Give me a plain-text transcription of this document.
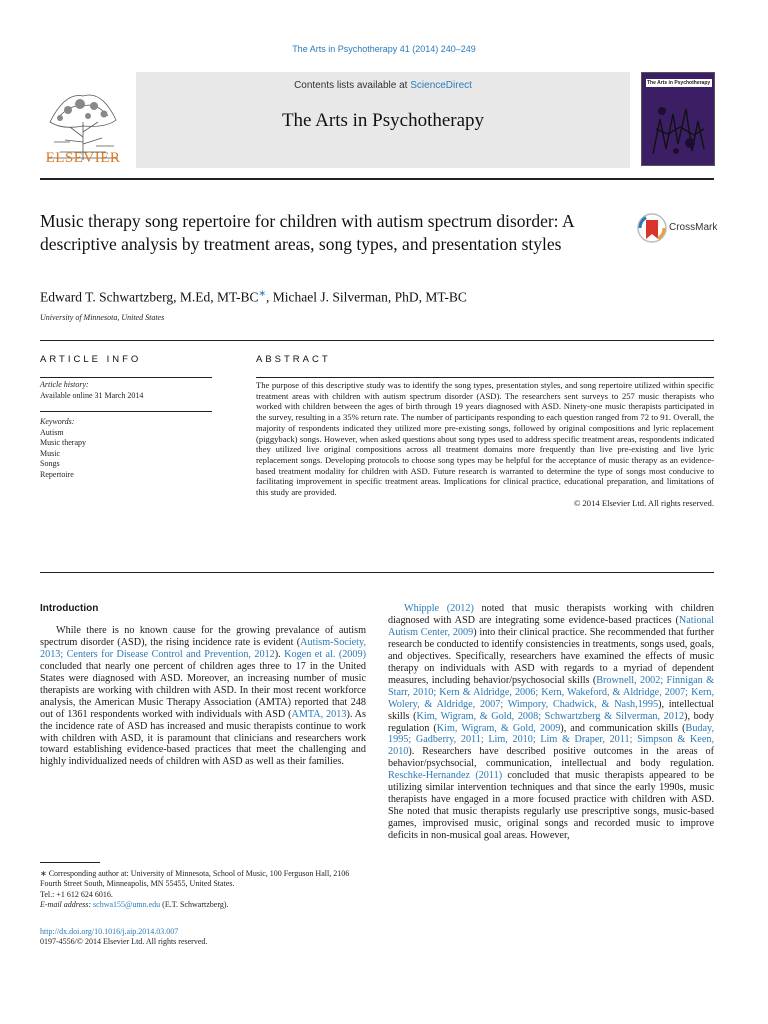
The Arts in Psychotherapy 41 (2014) 240–249
ELSEVIER
Contents lists available at ScienceDirect
The Arts in Psychotherapy
The Arts in Psychotherapy
Music therapy song repertoire for children with autism spectrum disorder: A descriptive analysis by treatment areas, song types, and presentation styles
CrossMark
Edward T. Schwartzberg, M.Ed, MT-BC∗, Michael J. Silverman, PhD, MT-BC
University of Minnesota, United States
ARTICLE INFO
Article history:
Available online 31 March 2014
Keywords:
Autism
Music therapy
Music
Songs
Repertoire
ABSTRACT
The purpose of this descriptive study was to identify the song types, presentation styles, and song repertoire utilized within specific treatment areas with children with autism spectrum disorder (ASD). The researchers sent surveys to 257 music therapists who worked with children between the ages of birth through 19 years diagnosed with ASD. Ninety-one music therapists participated in the survey, resulting in a 35% return rate. The number of participants responding to each question ranged from 72 to 91. Overall, the majority of respondents indicated they utilized more pre-existing songs, followed by original compositions and lyric replacement (piggyback) songs. However, when asked questions about song types used to address specific treatment areas, respondents indicated they utilized live original compositions across all treatment domains more frequently than live pre-existing and live lyric replacement songs. Developing protocols to choose song types may be helpful for the acceptance of music therapy as an evidence-based treatment modality for children with ASD. Future research is warranted to determine the type of songs most conducive to facilitating improvement in specific treatment areas. Implications for clinical practice, educational preparation, and limitations of this study are provided.
© 2014 Elsevier Ltd. All rights reserved.

Introduction

While there is no known cause for the growing prevalance of autism spectrum disorder (ASD), the rising incidence rate is evident (Autism-Society, 2013; Centers for Disease Control and Prevention, 2012). Kogen et al. (2009) concluded that nearly one percent of children ages three to 17 in the United States were diagnosed with ASD. Moreover, an increasing number of music therapists are working with children with ASD. In their most recent workforce analysis, the American Music Therapy Association (AMTA) reported that 248 out of 1361 respondents worked with individuals with ASD (AMTA, 2013). As the incidence rate of ASD has increased and music therapists continue to work with children with ASD, it is paramount that clinicians and researchers work toward establishing evidence-based practices that meet the challenging and highly individualized needs of children with ASD as well as their families.

Whipple (2012) noted that music therapists working with children diagnosed with ASD are integrating some evidence-based practices (National Autism Center, 2009) into their clinical practice. She recommended that further research be conducted to identify consistencies in treatments, songs used, goals, and objectives. Specifically, researchers have examined the effects of music therapy on individuals with ASD with regards to a myriad of dependent measures, including behavior/psychosocial skills (Brownell, 2002; Finnigan & Starr, 2010; Kern & Aldridge, 2006; Kern, Wakeford, & Aldridge, 2007; Kern, Wolery, & Aldridge, 2007; Wimpory, Chadwick, & Nash,1995), intellectual skills (Kim, Wigram, & Gold, 2008; Schwartzberg & Silverman, 2012), body regulation (Kim, Wigram, & Gold, 2009), and communication skills (Buday, 1995; Gadberry, 2011; Lim, 2010; Lim & Draper, 2011; Simpson & Keen, 2010). Researchers have described positive outcomes in the areas of behavior/psychsocial, communication, intellectual and body regulation. Reschke-Hernandez (2011) concluded that music therapists appeared to be utilizing similar intervention techniques and that since the early 1990s, music therapists have engaged in a more focused practice with children with ASD. She noted that music therapists regularly use prescriptive songs, music-based games, improvised music, original songs and recorded music to improve deficits in non-musical goal areas. However,

∗ Corresponding author at: University of Minnesota, School of Music, 100 Ferguson Hall, 2106 Fourth Street South, Minneapolis, MN 55455, United States.
Tel.: +1 612 624 6016.
E-mail address: schwa155@umn.edu (E.T. Schwartzberg).
http://dx.doi.org/10.1016/j.aip.2014.03.007
0197-4556/© 2014 Elsevier Ltd. All rights reserved.
